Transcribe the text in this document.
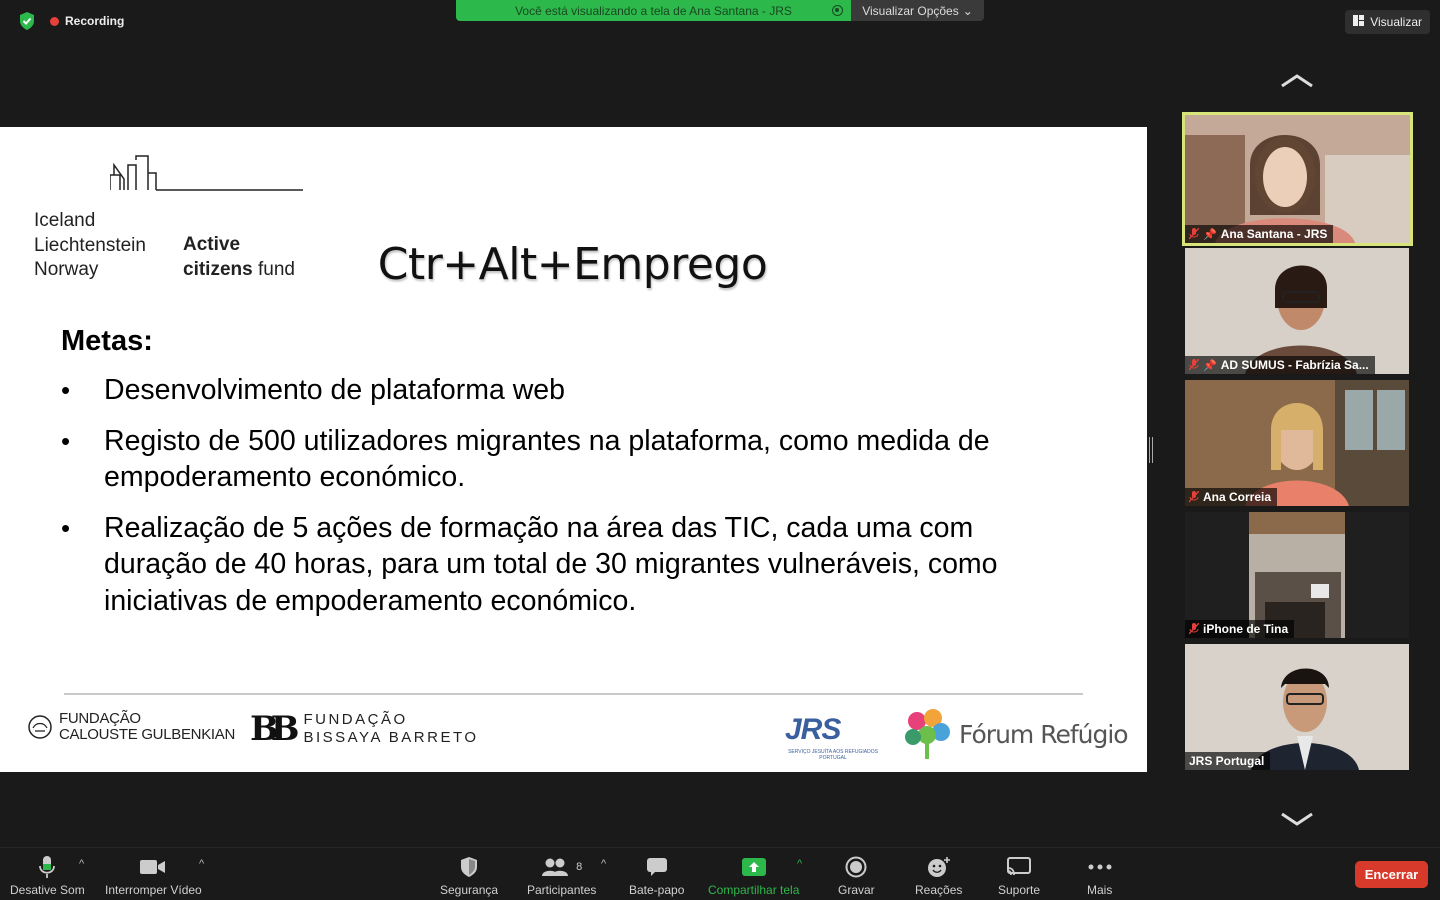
Recording
Você está visualizando a tela de Ana Santana - JRS	Visualizar Opções ⌄
Visualizar
Iceland
Liechtenstein
Norway
Active
citizens fund	Ctr+Alt+Emprego
Metas:
• Desenvolvimento de plataforma web
• Registo de 500 utilizadores migrantes na plataforma, como medida de empoderamento económico.
• Realização de 5 ações de formação na área das TIC, cada uma com duração de 40 horas, para um total de 30 migrantes vulneráveis, como iniciativas de empoderamento económico.
FUNDAÇÃO
CALOUSTE GULBENKIAN BB FUNDAÇÃO
BISSAYA BARRETO	JRS
SERVIÇO JESUÍTA AOS REFUGIADOS
PORTUGAL
Fórum Refúgio
📌 Ana Santana - JRS
📌 AD SUMUS - Fabrízia Sa...
Ana Correia
iPhone de Tina
JRS Portugal
Desative Som
^
Interromper Vídeo
^
Segurança
8
Participantes
^
Bate-papo Compartilhar tela
^
Gravar	Reações	Suporte	Mais
Encerrar
